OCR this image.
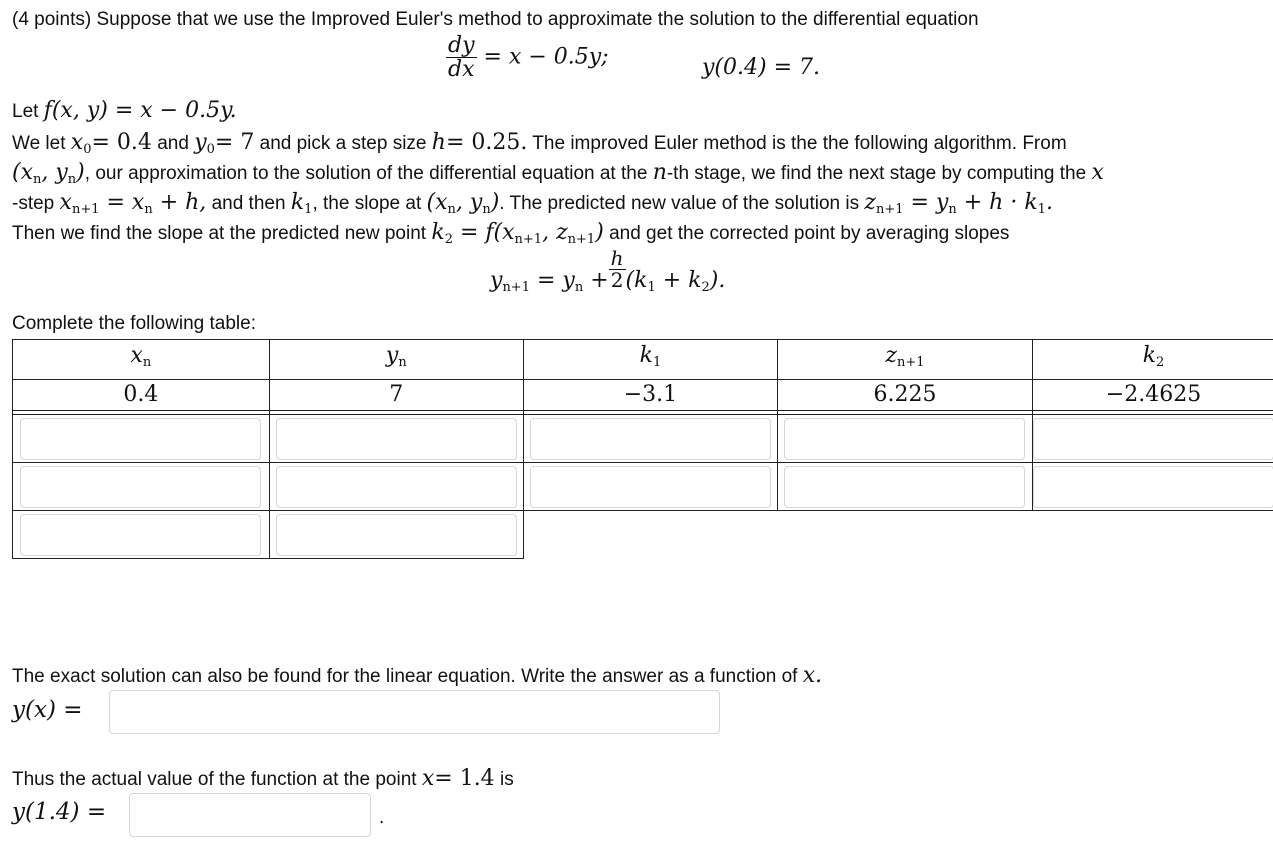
(4 points) Suppose that we use the Improved Euler's method to approximate the solution to the differential equation
$\frac{dy}{dx} = x - 0.5y$;	y(0.4) = 7.
Let f(x, y) = x − 0.5y.
We let $x_0= 0.4$ and $y_0= 7$ and pick a step size h= 0.25. The improved Euler method is the the following algorithm. From
($x_n$, $y_n$), our approximation to the solution of the differential equation at the n-th stage, we find the next stage by computing the x
-step $x_{n+1} = x_n + h$, and then $k_1$, the slope at ($x_n$, $y_n$). The predicted new value of the solution is $z_{n+1} = y_n + h \cdot k_1$.
Then we find the slope at the predicted new point $k_2 = f(x_{n+1}$, $z_{n+1}$) and get the corrected point by averaging slopes
$y_{n+1} = y_n + \frac{h}{2} (k_1 + k_2)$.
Complete the following table:
$x_n$	$y_n$	$k_1$	$z_{n+1}$	$k_2$
0.4	7	−3.1	6.225	−2.4625

The exact solution can also be found for the linear equation. Write the answer as a function of x.
y(x) =
Thus the actual value of the function at the point x= 1.4 is
y(1.4) =	.
